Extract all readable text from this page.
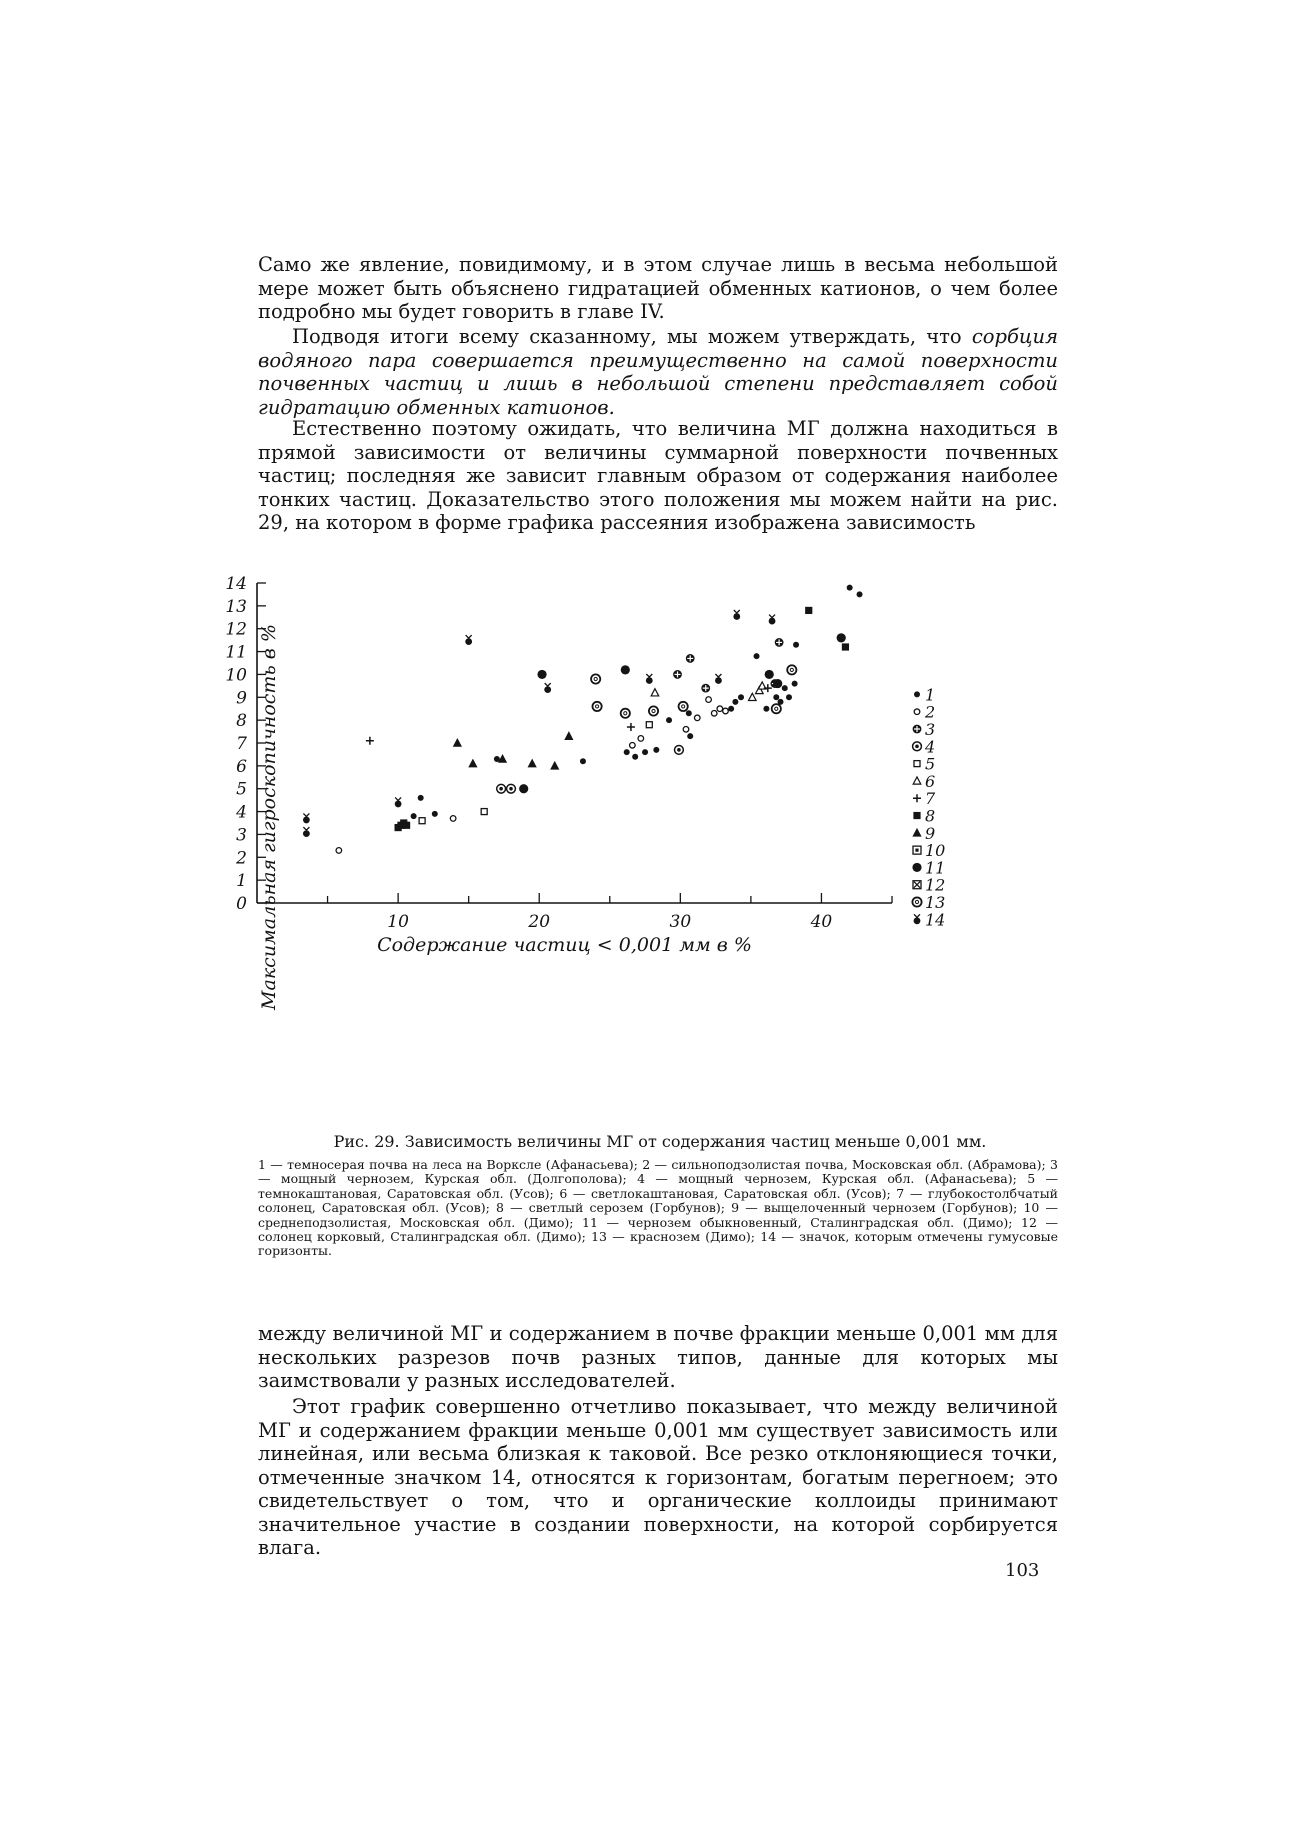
Само же явление, повидимому, и в этом случае лишь в весьма небольшой мере может быть объяснено гидратацией обменных катионов, о чем более подробно мы будет говорить в главе IV.

Подводя итоги всему сказанному, мы можем утверждать, что сорбция водяного пара совершается преимущественно на самой поверхности почвенных частиц и лишь в небольшой степени представляет собой гидратацию обменных катионов.

Естественно поэтому ожидать, что величина МГ должна находиться в прямой зависимости от величины суммарной поверхности почвенных частиц; последняя же зависит главным образом от содержания наиболее тонких частиц. Доказательство этого положения мы можем найти на рис. 29, на котором в форме графика рассеяния изображена зависимость

Максимальная гигроскопичность в %	Содержание частиц < 0,001 мм в %
1
2
3
4
5
6
7
8
9
10
11
12
13
14
0
1
2
3
4
5
6
7
8
9
10
11
12
13
14
10	20	30	40

Рис. 29. Зависимость величины МГ от содержания частиц меньше 0,001 мм.

1 — темносерая почва на леса на Ворксле (Афанасьева); 2 — сильноподзолистая почва, Московская обл. (Абрамова); 3 — мощный чернозем, Курская обл. (Долгополова); 4 — мощный чернозем, Курская обл. (Афанасьева); 5 — темнокаштановая, Саратовская обл. (Усов); 6 — светлокаштановая, Саратовская обл. (Усов); 7 — глубокостолбчатый солонец, Саратовская обл. (Усов); 8 — светлый серозем (Горбунов); 9 — выщелоченный чернозем (Горбунов); 10 — среднеподзолистая, Московская обл. (Димо); 11 — чернозем обыкновенный, Сталинградская обл. (Димо); 12 — солонец корковый, Сталинградская обл. (Димо); 13 — краснозем (Димо); 14 — значок, которым отмечены гумусовые горизонты.

между величиной МГ и содержанием в почве фракции меньше 0,001 мм для нескольких разрезов почв разных типов, данные для которых мы заимствовали у разных исследователей.

Этот график совершенно отчетливо показывает, что между величиной МГ и содержанием фракции меньше 0,001 мм существует зависимость или линейная, или весьма близкая к таковой. Все резко отклоняющиеся точки, отмеченные значком 14, относятся к горизонтам, богатым перегноем; это свидетельствует о том, что и органические коллоиды принимают значительное участие в создании поверхности, на которой сорбируется влага.

103
